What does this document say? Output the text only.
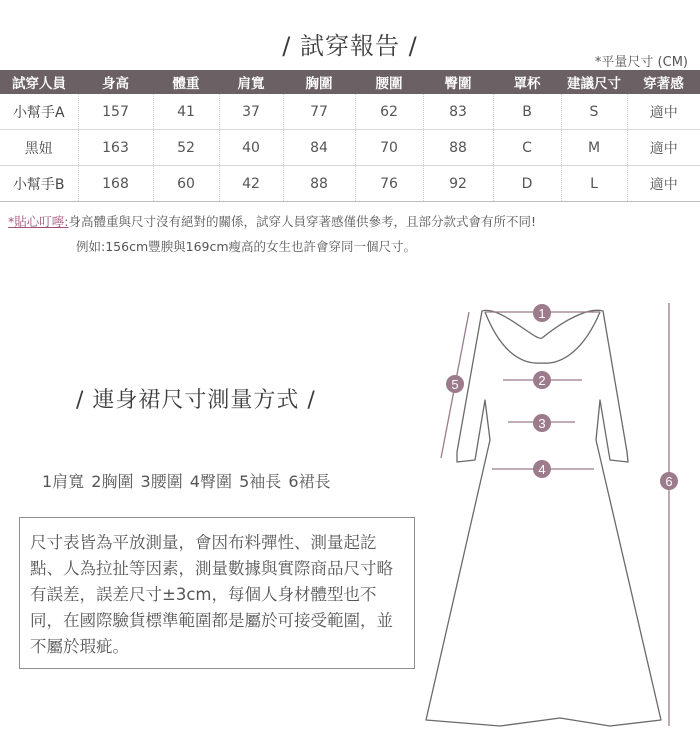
/ 試穿報告 /
*平量尺寸 (CM)
試穿人員	身高	體重	肩寬	胸圍	腰圍	臀圍	罩杯	建議尺寸	穿著感
小幫手A	157	41	37	77	62	83	B	S	適中
黑妞	163	52	40	84	70	88	C	M	適中
小幫手B	168	60	42	88	76	92	D	L	適中
*貼心叮嚀:身高體重與尺寸沒有絕對的關係，試穿人員穿著感僅供參考，且部分款式會有所不同!
例如:156cm豐腴與169cm瘦高的女生也許會穿同一個尺寸。
/ 連身裙尺寸測量方式 /
1肩寬 2胸圍 3腰圍 4臀圍 5袖長 6裙長
尺寸表皆為平放測量，會因布料彈性、測量起訖點、人為拉扯等因素，測量數據與實際商品尺寸略有誤差，誤差尺寸±3cm，每個人身材體型也不同，在國際驗貨標準範圍都是屬於可接受範圍，並不屬於瑕疵。
1
2
3
4
5
6
